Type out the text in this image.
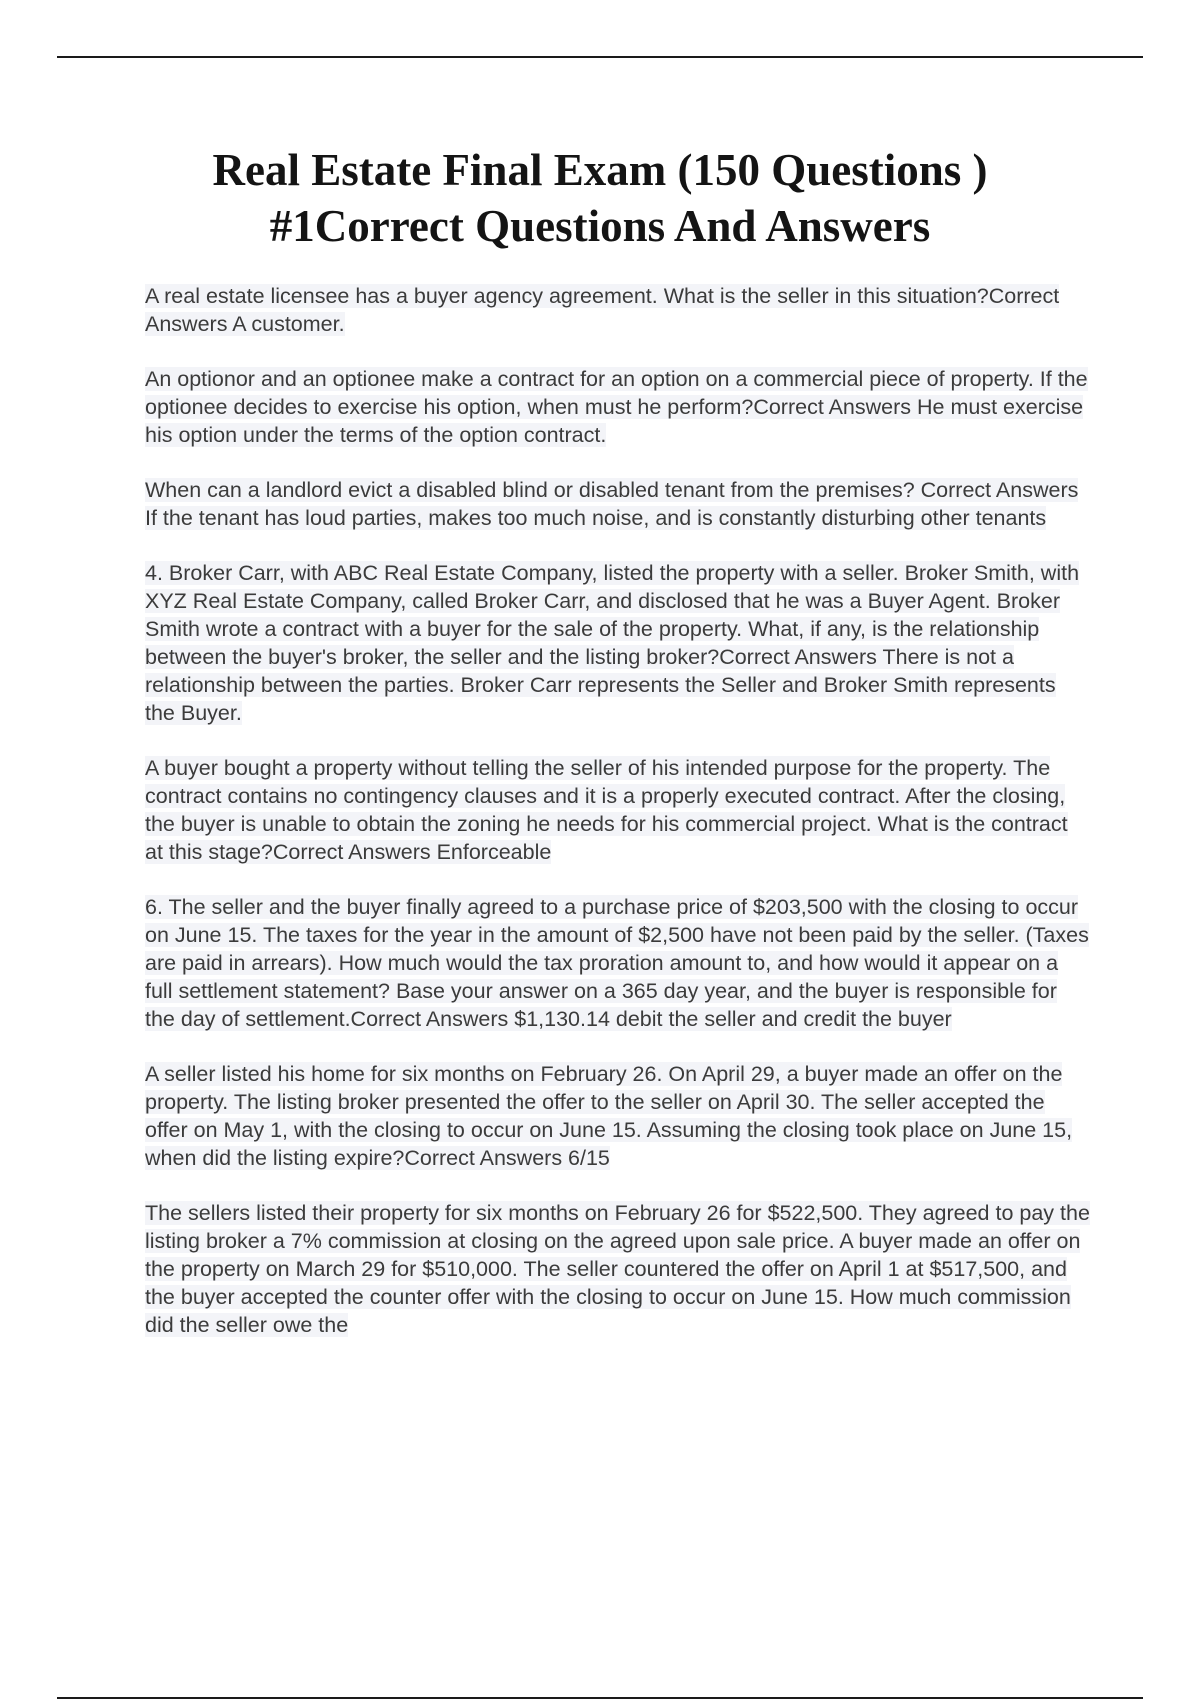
Real Estate Final Exam (150 Questions )
#1Correct Questions And Answers

A real estate licensee has a buyer agency agreement. What is the seller in this situation?Correct Answers A customer.

An optionor and an optionee make a contract for an option on a commercial piece of property. If the optionee decides to exercise his option, when must he perform?Correct Answers He must exercise his option under the terms of the option contract.

When can a landlord evict a disabled blind or disabled tenant from the premises? Correct Answers If the tenant has loud parties, makes too much noise, and is constantly disturbing other tenants

4. Broker Carr, with ABC Real Estate Company, listed the property with a seller. Broker Smith, with XYZ Real Estate Company, called Broker Carr, and disclosed that he was a Buyer Agent. Broker Smith wrote a contract with a buyer for the sale of the property. What, if any, is the relationship between the buyer's broker, the seller and the listing broker?Correct Answers There is not a relationship between the parties. Broker Carr represents the Seller and Broker Smith represents the Buyer.

A buyer bought a property without telling the seller of his intended purpose for the property. The contract contains no contingency clauses and it is a properly executed contract. After the closing, the buyer is unable to obtain the zoning he needs for his commercial project. What is the contract at this stage?Correct Answers Enforceable

6. The seller and the buyer finally agreed to a purchase price of $203,500 with the closing to occur on June 15. The taxes for the year in the amount of $2,500 have not been paid by the seller. (Taxes are paid in arrears). How much would the tax proration amount to, and how would it appear on a full settlement statement? Base your answer on a 365 day year, and the buyer is responsible for the day of settlement.Correct Answers $1,130.14 debit the seller and credit the buyer

A seller listed his home for six months on February 26. On April 29, a buyer made an offer on the property. The listing broker presented the offer to the seller on April 30. The seller accepted the offer on May 1, with the closing to occur on June 15. Assuming the closing took place on June 15, when did the listing expire?Correct Answers 6/15

The sellers listed their property for six months on February 26 for $522,500. They agreed to pay the listing broker a 7% commission at closing on the agreed upon sale price. A buyer made an offer on the property on March 29 for $510,000. The seller countered the offer on April 1 at $517,500, and the buyer accepted the counter offer with the closing to occur on June 15. How much commission did the seller owe the
